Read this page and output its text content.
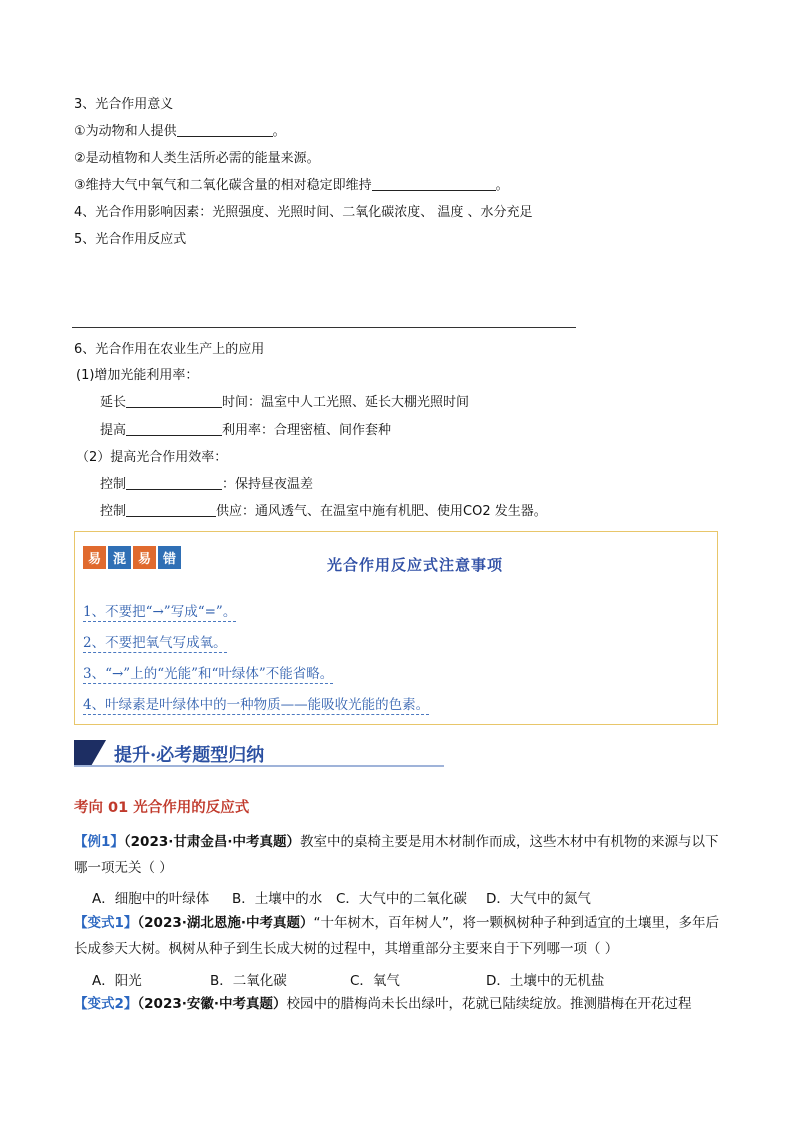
3、光合作用意义
①为动物和人提供	。
②是动植物和人类生活所必需的能量来源。
③维持大气中氧气和二氧化碳含量的相对稳定即维持	。
4、光合作用影响因素：光照强度、光照时间、二氧化碳浓度、 温度 、水分充足
5、光合作用反应式
6、光合作用在农业生产上的应用
(1)增加光能利用率：
延长	时间：温室中人工光照、延长大棚光照时间
提高	利用率：合理密植、间作套种
（2）提高光合作用效率：
控制	：保持昼夜温差
控制	供应：通风透气、在温室中施有机肥、使用CO2 发生器。
易 混 易 错	光合作用反应式注意事项
1、不要把“→”写成“=”。
2、不要把氧气写成氧。
3、“→”上的“光能”和“叶绿体”不能省略。
4、叶绿素是叶绿体中的一种物质——能吸收光能的色素。
提升·必考题型归纳
考向 01 光合作用的反应式
【例1】（2023·甘肃金昌·中考真题）教室中的桌椅主要是用木材制作而成，这些木材中有机物的来源与以下哪一项无关（ ）
A．细胞中的叶绿体 B．土壤中的水 C．大气中的二氧化碳 D．大气中的氮气
【变式1】（2023·湖北恩施·中考真题）“十年树木，百年树人”，将一颗枫树种子种到适宜的土壤里，多年后长成参天大树。枫树从种子到生长成大树的过程中，其增重部分主要来自于下列哪一项（ ）
A．阳光	B．二氧化碳	C．氧气	D．土壤中的无机盐
【变式2】（2023·安徽·中考真题）校园中的腊梅尚未长出绿叶，花就已陆续绽放。推测腊梅在开花过程
